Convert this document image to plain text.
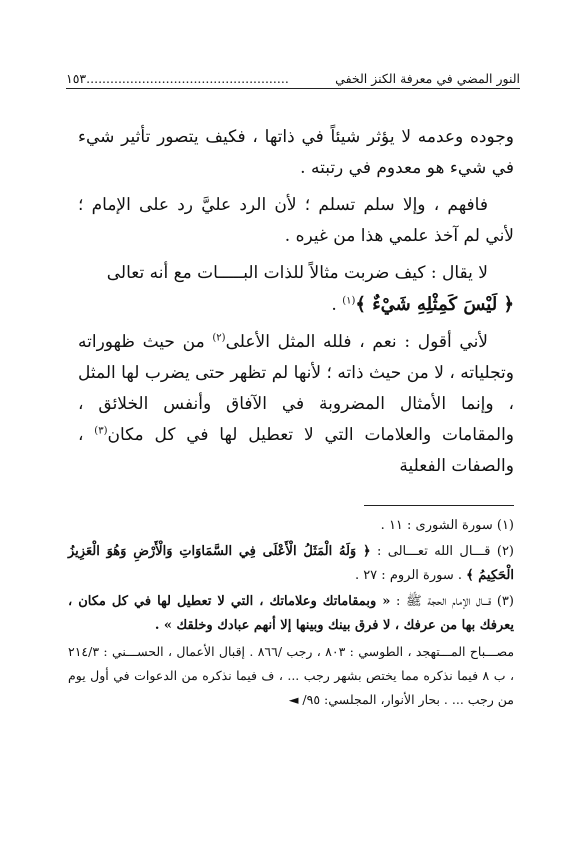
النور المضي في معرفة الكنز الخفي
...................................................١٥٣

وجوده وعدمه لا يؤثر شيئاً في ذاتها ، فكيف يتصور تأثير شيء في شيء هو معدوم في رتبته .

فافهم ، وإلا سلم تسلم ؛ لأن الرد عليَّ رد على الإمام ؛ لأني لم آخذ علمي هذا من غيره .

لا يقال : كيف ضربت مثالاً للذات البـــــات مع أنه تعالى
﴿ لَيْسَ كَمِثْلِهِ شَيْءٌ ﴾$^{(١)}$ .

لأني أقول : نعم ، فلله المثل الأعلى$^{(٢)}$ من حيث ظهوراته وتجلياته ، لا من حيث ذاته ؛ لأنها لم تظهر حتى يضرب لها المثل ، وإنما الأمثال المضروبة في الآفاق وأنفس الخلائق ، والمقامات والعلامات التي لا تعطيل لها في كل مكان$^{(٣)}$ ، والصفات الفعلية

(١) سورة الشورى : ١١ .

(٢) قـــال الله تعـــالى : ﴿ وَلَهُ الْمَثَلُ الْأَعْلَى فِي السَّمَاوَاتِ وَالْأَرْضِ وَهُوَ الْعَزِيزُ الْحَكِيمُ ﴾ . سورة الروم : ٢٧ .

(٣) قـــال الإمام الحجة ﷺ : « وبمقاماتك وعلاماتك ، التي لا تعطيل لها في كل مكان ، يعرفك بها من عرفك ، لا فرق بينك وبينها إلا أنهم عبادك وخلقك » .

مصـــباح المـــتهجد ، الطوسي : ٨٠٣ ، رجب /٨٦٦ . إقبال الأعمال ، الحســـني : ٢١٤/٣ ، ب ٨ فيما نذكره مما يختص بشهر رجب ... ، ف فيما نذكره من الدعوات في أول يوم من رجب ... . بحار الأنوار، المجلسي: ٩٥/ ◄
